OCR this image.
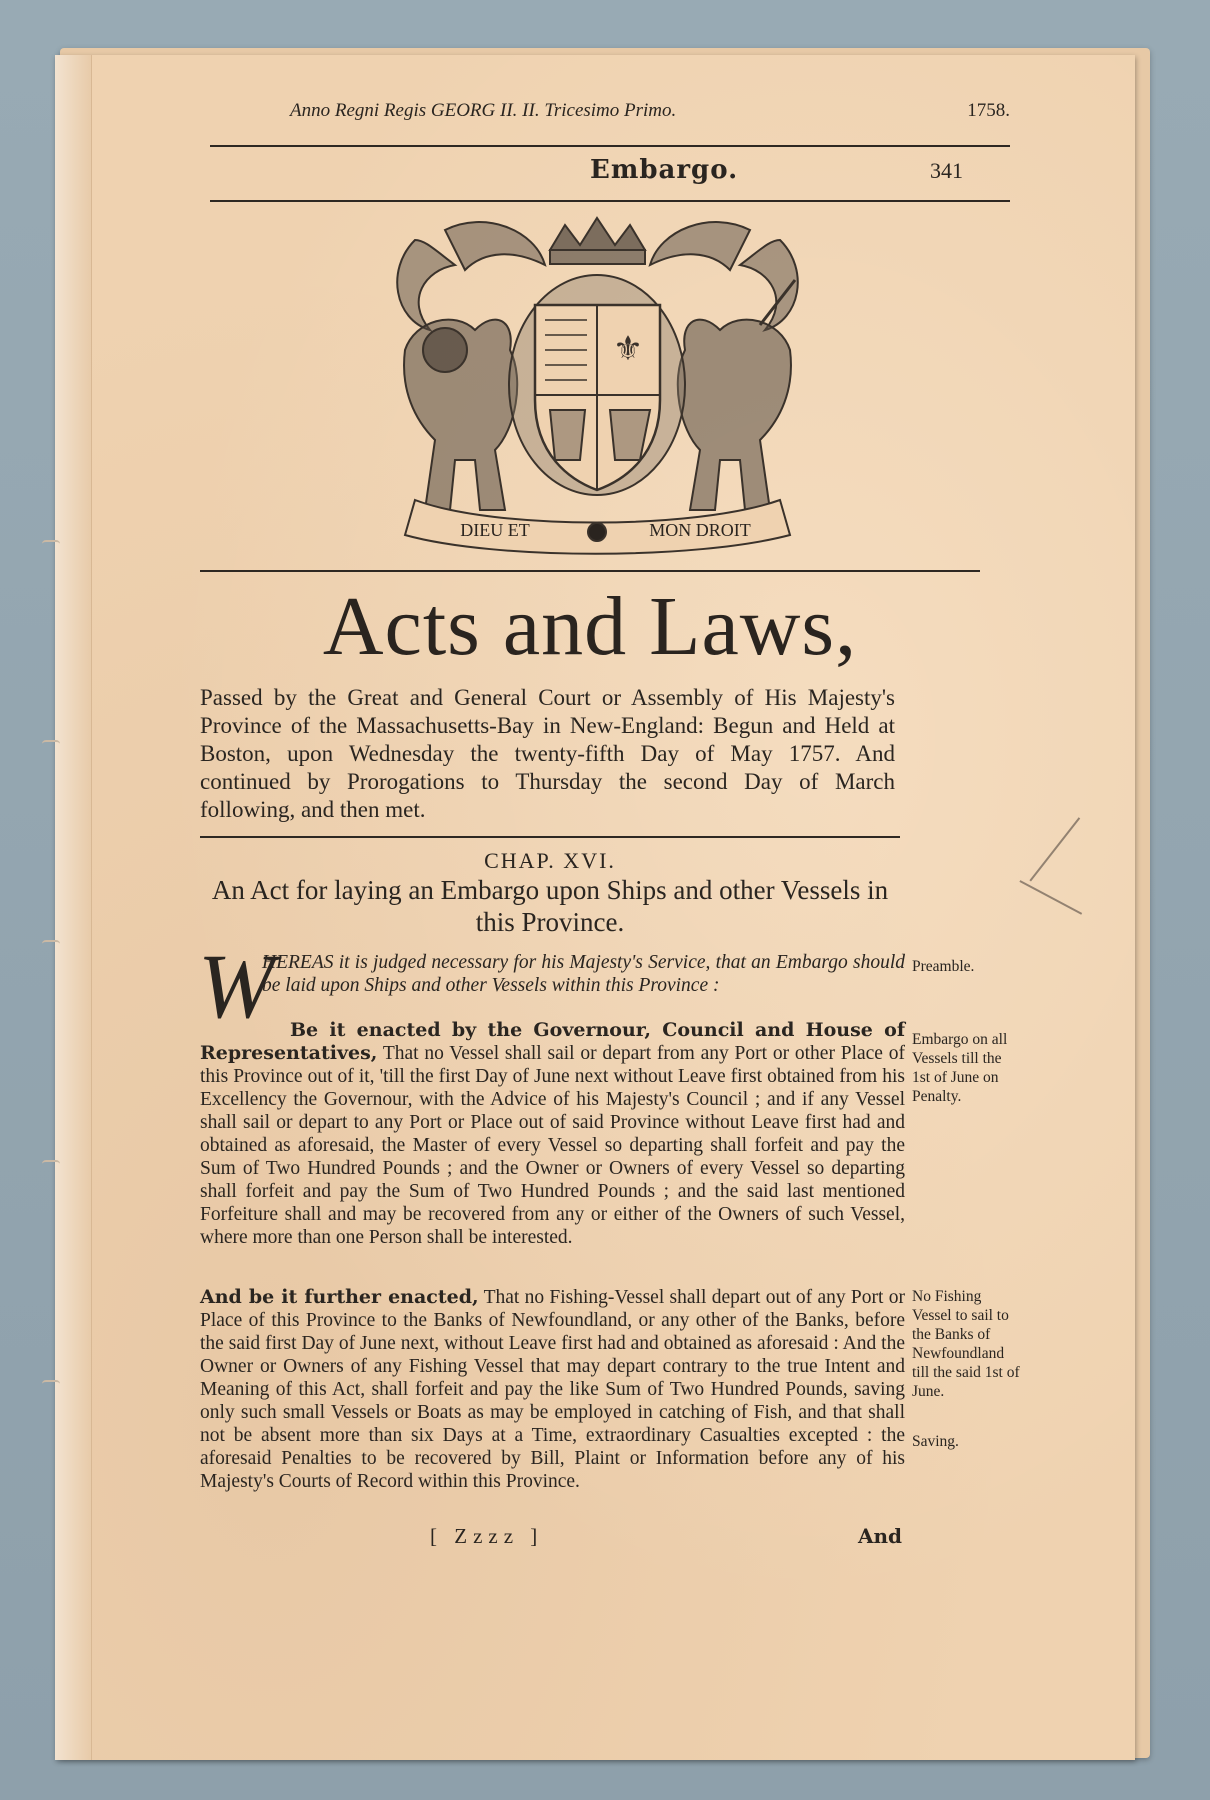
Anno Regni Regis GEORG II. II. Tricesimo Primo.	1758.
Embargo.	341
⚜
DIEU ET	MON DROIT
Acts and Laws,
Passed by the Great and General Court or Assembly of His Majesty's Province of the Massachusetts-Bay in New-England: Begun and Held at Boston, upon Wednesday the twenty-fifth Day of May 1757. And continued by Prorogations to Thursday the second Day of March following, and then met.
CHAP. XVI.
An Act for laying an Embargo upon Ships and other Vessels in this Province.
W
HEREAS it is judged necessary for his Majesty's Service, that an Embargo should be laid upon Ships and other Vessels within this Province :
Be it enacted by the Governour, Council and House of Representatives, That no Vessel shall sail or depart from any Port or other Place of this Province out of it, 'till the first Day of June next without Leave first obtained from his Excellency the Governour, with the Advice of his Majesty's Council ; and if any Vessel shall sail or depart to any Port or Place out of said Province without Leave first had and obtained as aforesaid, the Master of every Vessel so departing shall forfeit and pay the Sum of Two Hundred Pounds ; and the Owner or Owners of every Vessel so departing shall forfeit and pay the Sum of Two Hundred Pounds ; and the said last mentioned Forfeiture shall and may be recovered from any or either of the Owners of such Vessel, where more than one Person shall be interested.
And be it further enacted, That no Fishing-Vessel shall depart out of any Port or Place of this Province to the Banks of Newfoundland, or any other of the Banks, before the said first Day of June next, without Leave first had and obtained as aforesaid : And the Owner or Owners of any Fishing Vessel that may depart contrary to the true Intent and Meaning of this Act, shall forfeit and pay the like Sum of Two Hundred Pounds, saving only such small Vessels or Boats as may be employed in catching of Fish, and that shall not be absent more than six Days at a Time, extraordinary Casualties excepted : the aforesaid Penalties to be recovered by Bill, Plaint or Information before any of his Majesty's Courts of Record within this Province.
[ Zzzz ]	And
Preamble.
Embargo on all Vessels till the 1st of June on Penalty.
No Fishing Vessel to sail to the Banks of Newfoundland till the said 1st of June.
Saving.
